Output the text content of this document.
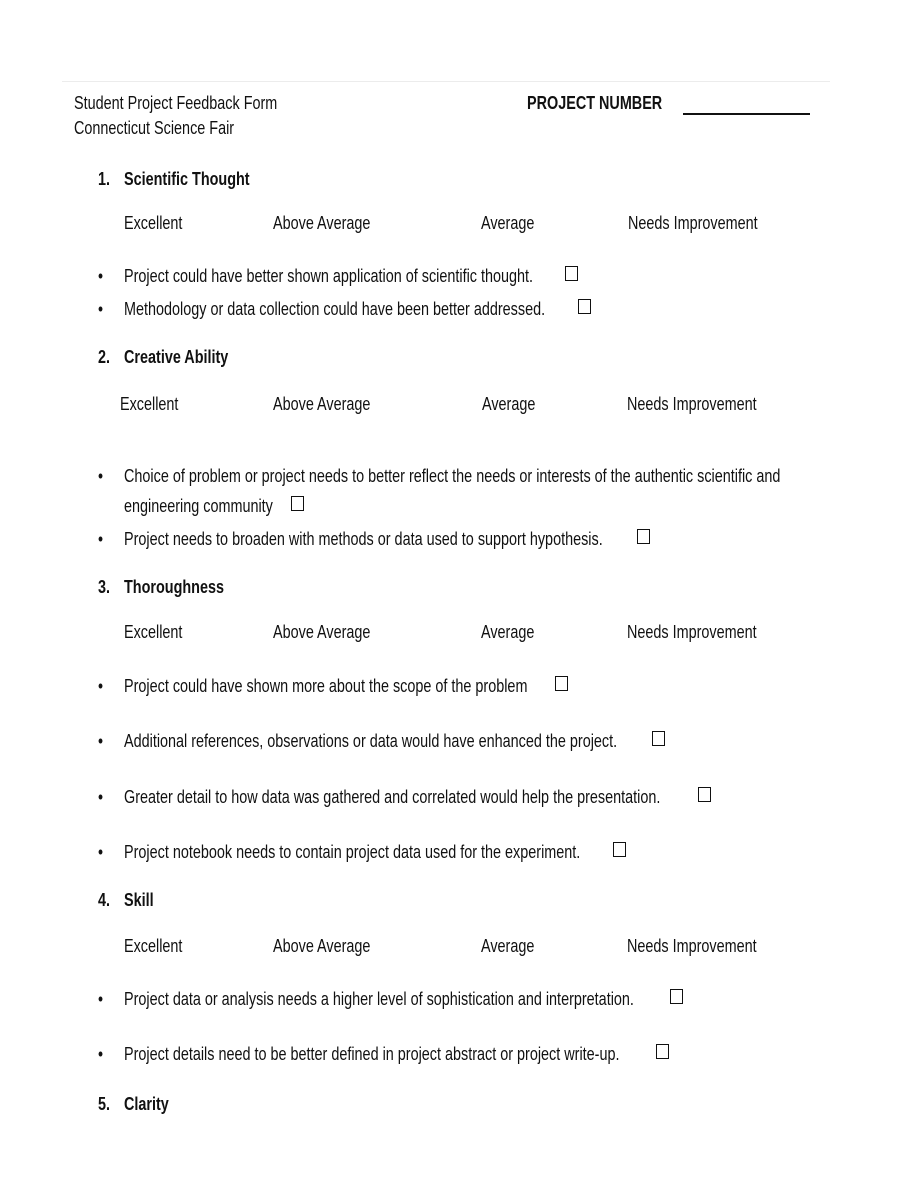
Student Project Feedback Form
Connecticut Science Fair
PROJECT NUMBER
1. Scientific Thought
Excellent	Above Average	Average	Needs Improvement
• Project could have better shown application of scientific thought.
• Methodology or data collection could have been better addressed.
2. Creative Ability
Excellent	Above Average	Average	Needs Improvement
• Choice of problem or project needs to better reflect the needs or interests of the authentic scientific and
engineering community
• Project needs to broaden with methods or data used to support hypothesis.
3. Thoroughness
Excellent	Above Average	Average	Needs Improvement
• Project could have shown more about the scope of the problem
• Additional references, observations or data would have enhanced the project.
• Greater detail to how data was gathered and correlated would help the presentation.
• Project notebook needs to contain project data used for the experiment.
4. Skill
Excellent	Above Average	Average	Needs Improvement
• Project data or analysis needs a higher level of sophistication and interpretation.
• Project details need to be better defined in project abstract or project write-up.
5. Clarity
